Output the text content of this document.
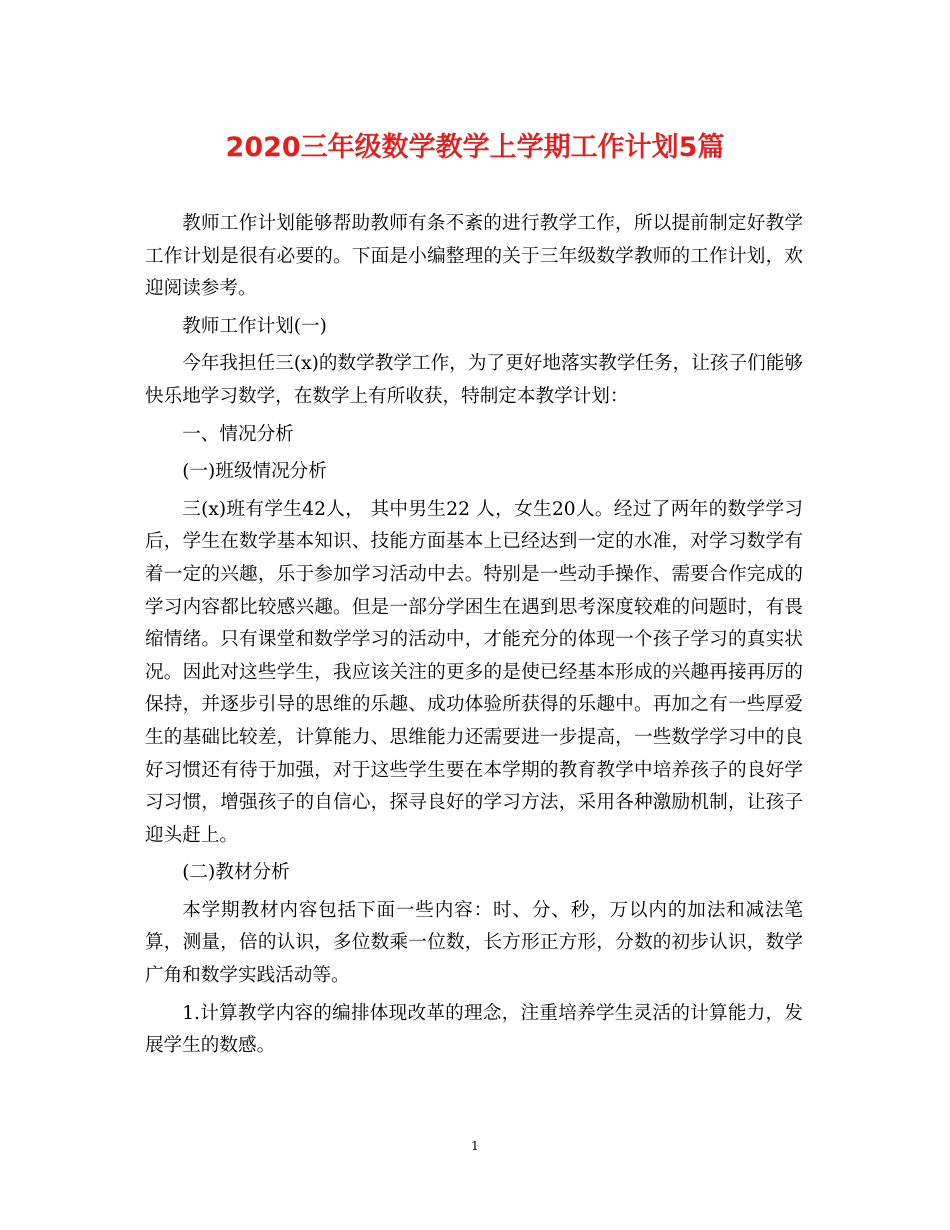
2020三年级数学教学上学期工作计划5篇

教师工作计划能够帮助教师有条不紊的进行教学工作，所以提前制定好教学工作计划是很有必要的。下面是小编整理的关于三年级数学教师的工作计划，欢迎阅读参考。

教师工作计划(一)

今年我担任三(x)的数学教学工作，为了更好地落实教学任务，让孩子们能够快乐地学习数学，在数学上有所收获，特制定本教学计划：

一、情况分析

(一)班级情况分析

三(x)班有学生42人， 其中男生22 人，女生20人。经过了两年的数学学习后，学生在数学基本知识、技能方面基本上已经达到一定的水准，对学习数学有着一定的兴趣，乐于参加学习活动中去。特别是一些动手操作、需要合作完成的学习内容都比较感兴趣。但是一部分学困生在遇到思考深度较难的问题时，有畏缩情绪。只有课堂和数学学习的活动中，才能充分的体现一个孩子学习的真实状况。因此对这些学生，我应该关注的更多的是使已经基本形成的兴趣再接再厉的保持，并逐步引导的思维的乐趣、成功体验所获得的乐趣中。再加之有一些厚爱生的基础比较差，计算能力、思维能力还需要进一步提高，一些数学学习中的良好习惯还有待于加强，对于这些学生要在本学期的教育教学中培养孩子的良好学习习惯，增强孩子的自信心，探寻良好的学习方法，采用各种激励机制，让孩子迎头赶上。

(二)教材分析

本学期教材内容包括下面一些内容：时、分、秒，万以内的加法和减法笔算，测量，倍的认识，多位数乘一位数，长方形正方形，分数的初步认识，数学广角和数学实践活动等。

1.计算教学内容的编排体现改革的理念，注重培养学生灵活的计算能力，发展学生的数感。

1
